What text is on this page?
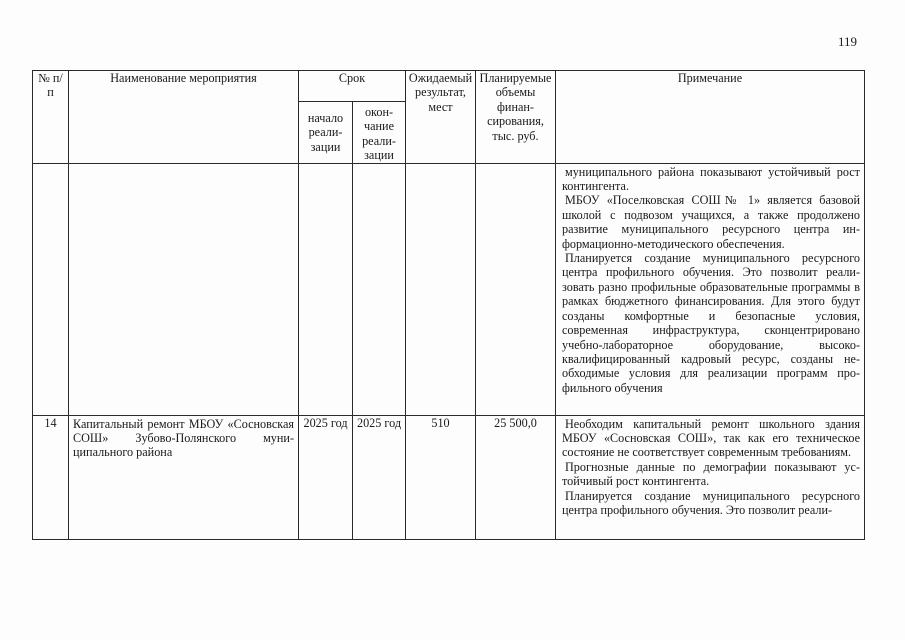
119
№ п/п	Наименование мероприятия	Срок		Ожидаемый результат, мест	Планируемые объемы финансирования, тыс. руб.	Примечание
		начало реализации	окончание реализации			

						муниципального района показывают устойчивый рост контингента.

МБОУ «Поселковская СОШ№ 1» является базовой школой с подвозом учащихся, а также продолжено развитие муниципального ресурсного центра информационно-методического обеспечения.

Планируется создание муниципального ресурсного центра профильного обучения. Это позволит реализовать разно профильные образовательные программы в рамках бюджетного финансирования. Для этого будут созданы комфортные и безопасные условия, современная инфраструктура, сконцентрировано учебно-лабораторное оборудование, высококвалифицированный кадровый ресурс, созданы необходимые условия для реализации программ профильного обучения

14	Капитальный ремонт МБОУ «Сосновская СОШ» Зубово-Полянского муниципального района	2025 год	2025 год	510	25 500,0	Необходим капитальный ремонт школьного здания МБОУ «Сосновская СОШ», так как его техническое состояние не соответствует современным требованиям.

Прогнозные данные по демографии показывают устойчивый рост контингента.

Планируется создание муниципального ресурсного центра профильного обучения. Это позволит реали-
